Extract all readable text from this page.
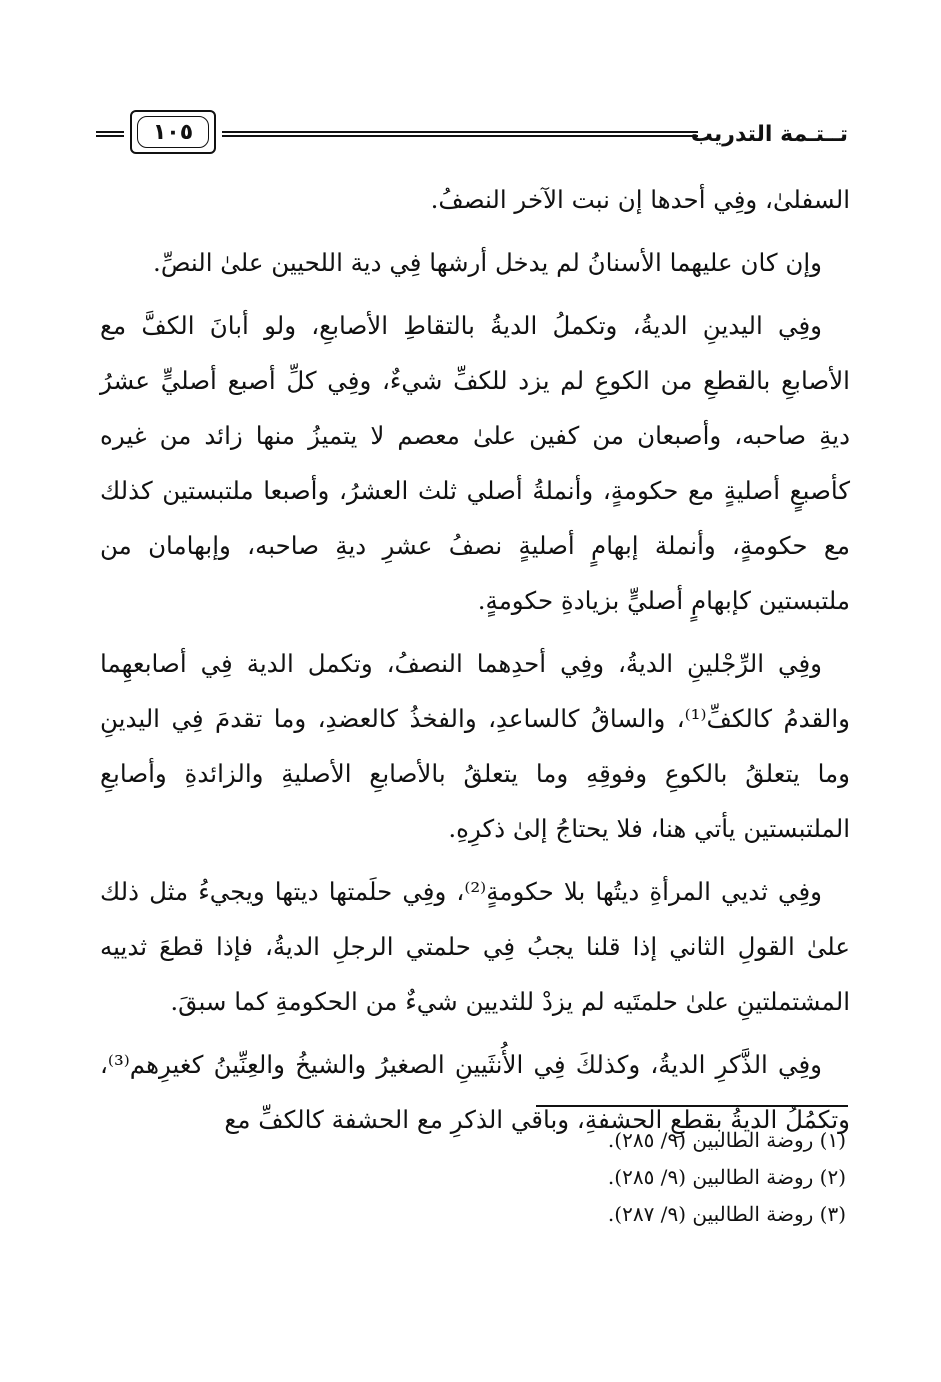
١٠٥	تــتـمة التدريب

السفلىٰ، وفِي أحدها إن نبت الآخر النصفُ.

وإن كان عليهما الأسنانُ لم يدخل أرشها فِي دية اللحيين علىٰ النصِّ.

وفِي اليدينِ الديةُ، وتكملُ الديةُ بالتقاطِ الأصابعِ، ولو أبانَ الكفَّ مع الأصابعِ بالقطعِ من الكوعِ لم يزد للكفِّ شيءٌ، وفِي كلِّ أصبع أصليٍّ عشرُ ديةِ صاحبه، وأصبعان من كفين علىٰ معصم لا يتميزُ منها زائد من غيره كأصبعٍ أصليةٍ مع حكومةٍ، وأنملةُ أصلي ثلث العشرُ، وأصبعا ملتبستين كذلك مع حكومةٍ، وأنملة إبهامٍ أصليةٍ نصفُ عشرِ ديةِ صاحبه، وإبهامان من ملتبستين كإبهامٍ أصليٍّ بزيادةِ حكومةٍ.

وفِي الرِّجْلينِ الديةُ، وفِي أحدِهما النصفُ، وتكمل الدية فِي أصابعهِما والقدمُ كالكفِّ⁽¹⁾، والساقُ كالساعدِ، والفخذُ كالعضدِ، وما تقدمَ فِي اليدينِ وما يتعلقُ بالكوعِ وفوقِهِ وما يتعلقُ بالأصابعِ الأصليةِ والزائدةِ وأصابعِ الملتبستين يأتي هنا، فلا يحتاجُ إلىٰ ذكرِهِ.

وفِي ثديي المرأةِ ديتُها بلا حكومةٍ⁽²⁾، وفِي حلَمتها ديتها ويجيءُ مثل ذلك علىٰ القولِ الثاني إذا قلنا يجبُ فِي حلمتي الرجلِ الديةُ، فإذا قطعَ ثدييه المشتملتينِ علىٰ حلمتَيه لم يزدْ للثديين شيءٌ من الحكومةِ كما سبقَ.

وفِي الذَّكرِ الديةُ، وكذلكَ فِي الأُنثَيينِ الصغيرُ والشيخُ والعِنِّينُ كغيرِهم⁽³⁾، وتكمُلُ الديةُ بقطعِ الحشفةِ، وباقي الذكرِ مع الحشفة كالكفِّ مع

(١) روضة الطالبين (٩/ ٢٨٥).
(٢) روضة الطالبين (٩/ ٢٨٥).
(٣) روضة الطالبين (٩/ ٢٨٧).
